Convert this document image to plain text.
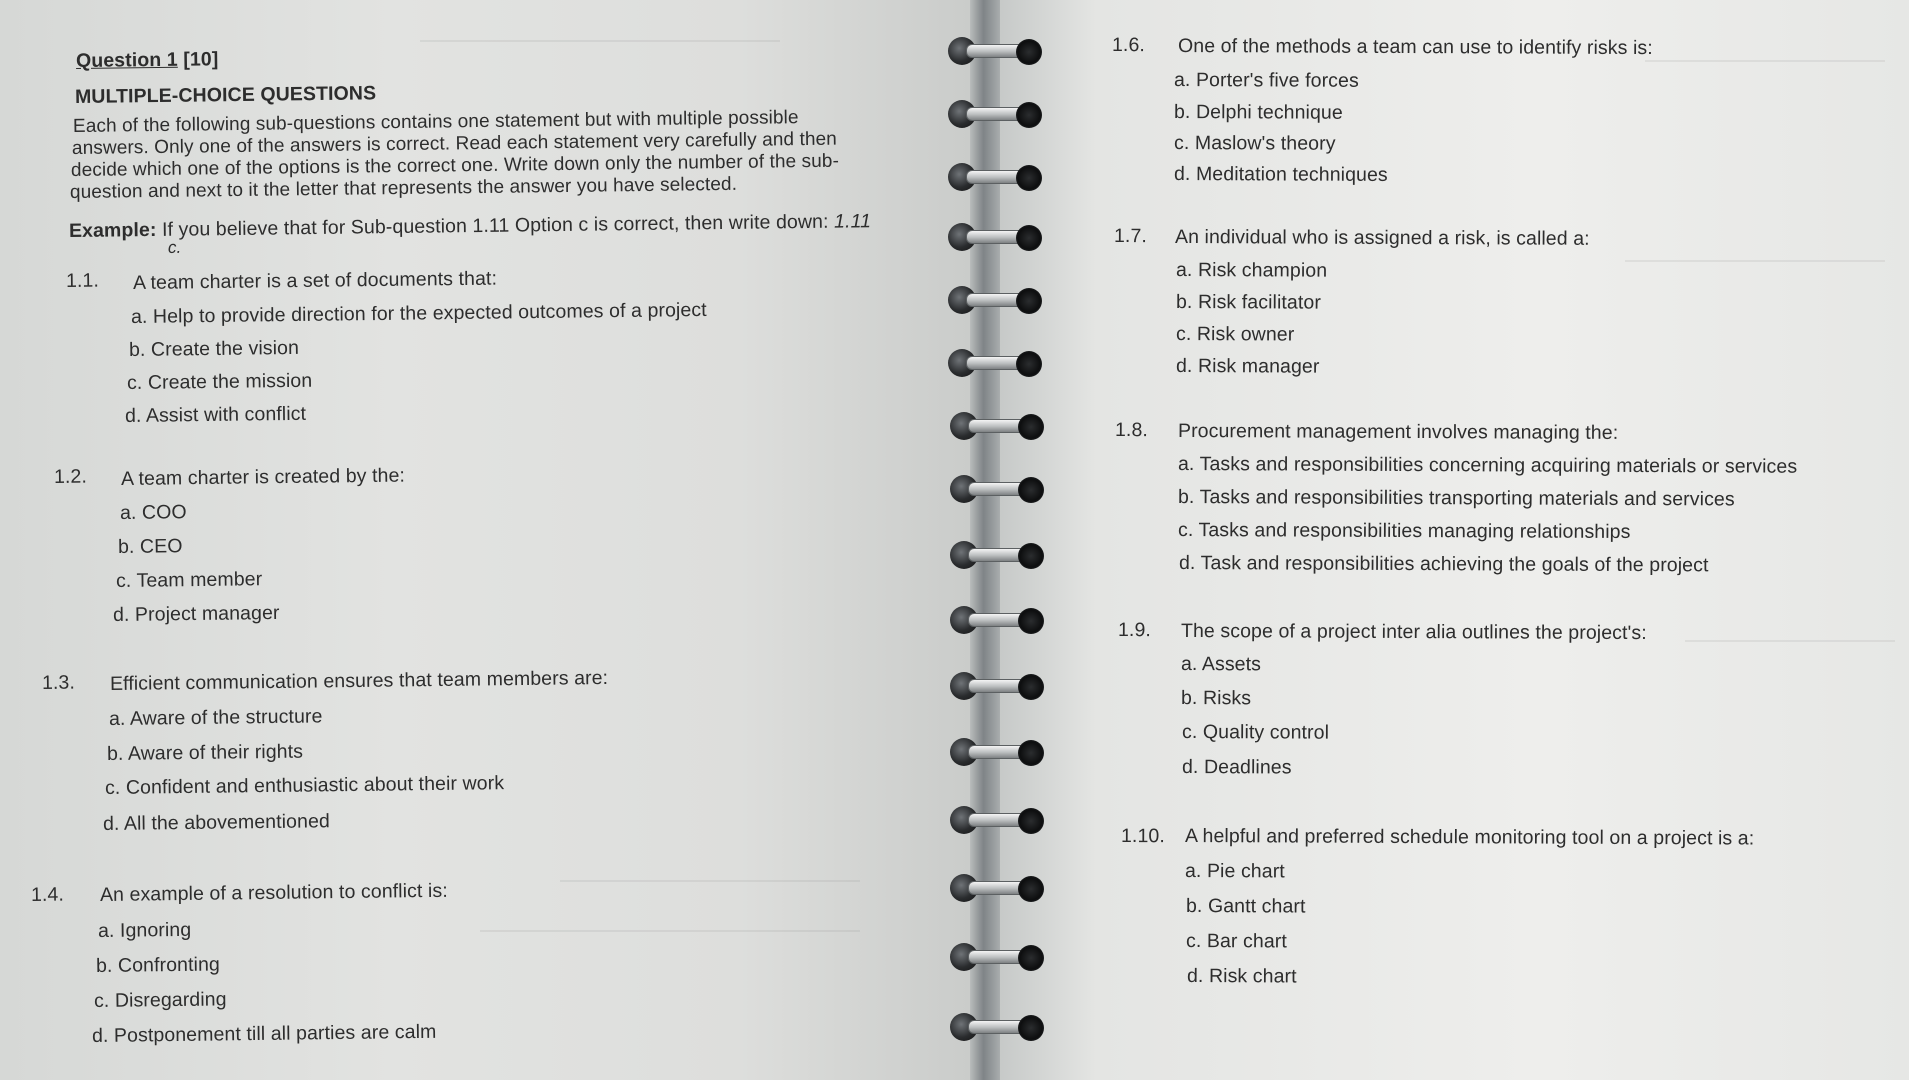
Question 1 [10]
MULTIPLE-CHOICE QUESTIONS
Each of the following sub-questions contains one statement but with multiple possible
answers. Only one of the answers is correct. Read each statement very carefully and then
decide which one of the options is the correct one. Write down only the number of the sub-
question and next to it the letter that represents the answer you have selected.
Example: If you believe that for Sub-question 1.11 Option c is correct, then write down: 1.11
c.
1.1. A team charter is a set of documents that:
a. Help to provide direction for the expected outcomes of a project
b. Create the vision
c. Create the mission
d. Assist with conflict
1.2. A team charter is created by the:
a. COO
b. CEO
c. Team member
d. Project manager
1.3. Efficient communication ensures that team members are:
a. Aware of the structure
b. Aware of their rights
c. Confident and enthusiastic about their work
d. All the abovementioned
1.4. An example of a resolution to conflict is:
a. Ignoring
b. Confronting
c. Disregarding
d. Postponement till all parties are calm
1.6. One of the methods a team can use to identify risks is:
a. Porter's five forces
b. Delphi technique
c. Maslow's theory
d. Meditation techniques
1.7. An individual who is assigned a risk, is called a:
a. Risk champion
b. Risk facilitator
c. Risk owner
d. Risk manager
1.8. Procurement management involves managing the:
a. Tasks and responsibilities concerning acquiring materials or services
b. Tasks and responsibilities transporting materials and services
c. Tasks and responsibilities managing relationships
d. Task and responsibilities achieving the goals of the project
1.9. The scope of a project inter alia outlines the project's:
a. Assets
b. Risks
c. Quality control
d. Deadlines
1.10. A helpful and preferred schedule monitoring tool on a project is a:
a. Pie chart
b. Gantt chart
c. Bar chart
d. Risk chart
